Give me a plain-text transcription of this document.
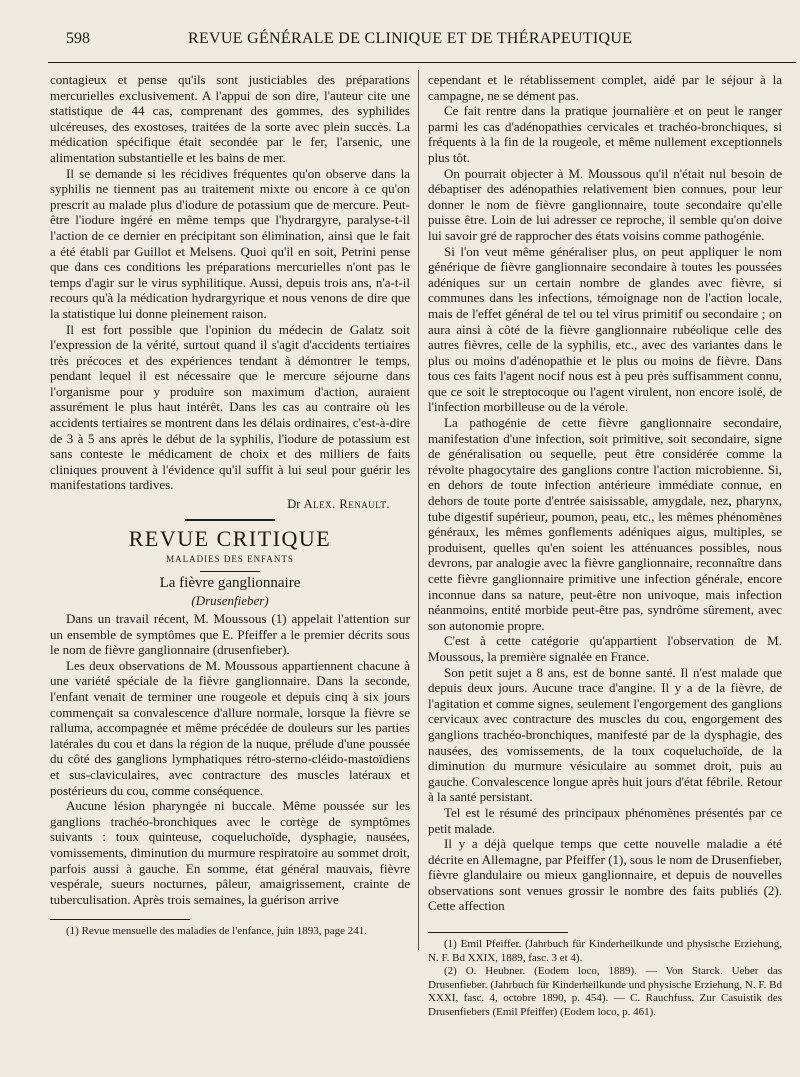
598	REVUE GÉNÉRALE DE CLINIQUE ET DE THÉRAPEUTIQUE

contagieux et pense qu'ils sont justiciables des préparations mercurielles exclusivement. A l'appui de son dire, l'auteur cite une statistique de 44 cas, comprenant des gommes, des syphilides ulcéreuses, des exostoses, traitées de la sorte avec plein succès. La médication spécifique était secondée par le fer, l'arsenic, une alimentation substantielle et les bains de mer.

Il se demande si les récidives fréquentes qu'on observe dans la syphilis ne tiennent pas au traitement mixte ou encore à ce qu'on prescrit au malade plus d'iodure de potassium que de mercure. Peut-être l'iodure ingéré en même temps que l'hydrargyre, paralyse-t-il l'action de ce dernier en précipitant son élimination, ainsi que le fait a été établi par Guillot et Melsens. Quoi qu'il en soit, Petrini pense que dans ces conditions les préparations mercurielles n'ont pas le temps d'agir sur le virus syphilitique. Aussi, depuis trois ans, n'a-t-il recours qu'à la médication hydrargyrique et nous venons de dire que la statistique lui donne pleinement raison.

Il est fort possible que l'opinion du médecin de Galatz soit l'expression de la vérité, surtout quand il s'agit d'accidents tertiaires très précoces et des expériences tendant à démontrer le temps, pendant lequel il est nécessaire que le mercure séjourne dans l'organisme pour y produire son maximum d'action, auraient assurément le plus haut intérêt. Dans les cas au contraire où les accidents tertiaires se montrent dans les délais ordinaires, c'est-à-dire de 3 à 5 ans après le début de la syphilis, l'iodure de potassium est sans conteste le médicament de choix et des milliers de faits cliniques prouvent à l'évidence qu'il suffit à lui seul pour guérir les manifestations tardives.

Dr Alex. Renault.
REVUE CRITIQUE
MALADIES DES ENFANTS
La fièvre ganglionnaire
(Drusenfieber)

Dans un travail récent, M. Moussous (1) appelait l'attention sur un ensemble de symptômes que E. Pfeiffer a le premier décrits sous le nom de fièvre ganglionnaire (drusenfieber).

Les deux observations de M. Moussous appartiennent chacune à une variété spéciale de la fièvre ganglionnaire. Dans la seconde, l'enfant venait de terminer une rougeole et depuis cinq à six jours commençait sa convalescence d'allure normale, lorsque la fièvre se ralluma, accompagnée et même précédée de douleurs sur les parties latérales du cou et dans la région de la nuque, prélude d'une poussée du côté des ganglions lymphatiques rétro-sterno-cléido-mastoïdiens et sus-claviculaires, avec contracture des muscles latéraux et postérieurs du cou, comme conséquence.

Aucune lésion pharyngée ni buccale. Même poussée sur les ganglions trachéo-bronchiques avec le cortège de symptômes suivants : toux quinteuse, coqueluchoïde, dysphagie, nausées, vomissements, diminution du murmure respiratoire au sommet droit, parfois aussi à gauche. En somme, état général mauvais, fièvre vespérale, sueurs nocturnes, pâleur, amaigrissement, crainte de tuberculisation. Après trois semaines, la guérison arrive

(1) Revue mensuelle des maladies de l'enfance, juin 1893, page 241.

cependant et le rétablissement complet, aidé par le séjour à la campagne, ne se dément pas.

Ce fait rentre dans la pratique journalière et on peut le ranger parmi les cas d'adénopathies cervicales et trachéo-bronchiques, si fréquents à la fin de la rougeole, et même nullement exceptionnels plus tôt.

On pourrait objecter à M. Moussous qu'il n'était nul besoin de débaptiser des adénopathies relativement bien connues, pour leur donner le nom de fièvre ganglionnaire, toute secondaire qu'elle puisse être. Loin de lui adresser ce reproche, il semble qu'on doive lui savoir gré de rapprocher des états voisins comme pathogénie.

Si l'on veut même généraliser plus, on peut appliquer le nom générique de fièvre ganglionnaire secondaire à toutes les poussées adéniques sur un certain nombre de glandes avec fièvre, si communes dans les infections, témoignage non de l'action locale, mais de l'effet général de tel ou tel virus primitif ou secondaire ; on aura ainsi à côté de la fièvre ganglionnaire rubéolique celle des autres fièvres, celle de la syphilis, etc., avec des variantes dans le plus ou moins d'adénopathie et le plus ou moins de fièvre. Dans tous ces faits l'agent nocif nous est à peu près suffisamment connu, que ce soit le streptocoque ou l'agent virulent, non encore isolé, de l'infection morbilleuse ou de la vérole.

La pathogénie de cette fièvre ganglionnaire secondaire, manifestation d'une infection, soit primitive, soit secondaire, signe de généralisation ou sequelle, peut être considérée comme la révolte phagocytaire des ganglions contre l'action microbienne. Si, en dehors de toute infection antérieure immédiate connue, en dehors de toute porte d'entrée saisissable, amygdale, nez, pharynx, tube digestif supérieur, poumon, peau, etc., les mêmes phénomènes généraux, les mêmes gonflements adéniques aigus, multiples, se produisent, quelles qu'en soient les atténuances possibles, nous devrons, par analogie avec la fièvre ganglionnaire, reconnaître dans cette fièvre ganglionnaire primitive une infection générale, encore inconnue dans sa nature, peut-être non univoque, mais infection néanmoins, entité morbide peut-être pas, syndrôme sûrement, avec son autonomie propre.

C'est à cette catégorie qu'appartient l'observation de M. Moussous, la première signalée en France.

Son petit sujet a 8 ans, est de bonne santé. Il n'est malade que depuis deux jours. Aucune trace d'angine. Il y a de la fièvre, de l'agitation et comme signes, seulement l'engorgement des ganglions cervicaux avec contracture des muscles du cou, engorgement des ganglions trachéo-bronchiques, manifesté par de la dysphagie, des nausées, des vomissements, de la toux coqueluchoïde, de la diminution du murmure vésiculaire au sommet droit, puis au gauche. Convalescence longue après huit jours d'état fébrile. Retour à la santé persistant.

Tel est le résumé des principaux phénomènes présentés par ce petit malade.

Il y a déjà quelque temps que cette nouvelle maladie a été décrite en Allemagne, par Pfeiffer (1), sous le nom de Drusenfieber, fièvre glandulaire ou mieux ganglionnaire, et depuis de nouvelles observations sont venues grossir le nombre des faits publiés (2). Cette affection

(1) Emil Pfeiffer. (Jahrbuch für Kinderheilkunde und physische Erziehung, N. F. Bd XXIX, 1889, fasc. 3 et 4).

(2) O. Heubner. (Eodem loco, 1889). — Von Starck. Ueber das Drusenfieber. (Jahrbuch für Kinderheilkunde und physische Erziehung, N. F. Bd XXXI, fasc. 4, octobre 1890, p. 454). — C. Rauchfuss. Zur Casuistik des Drusenfiebers (Emil Pfeiffer) (Eodem loco, p. 461).
